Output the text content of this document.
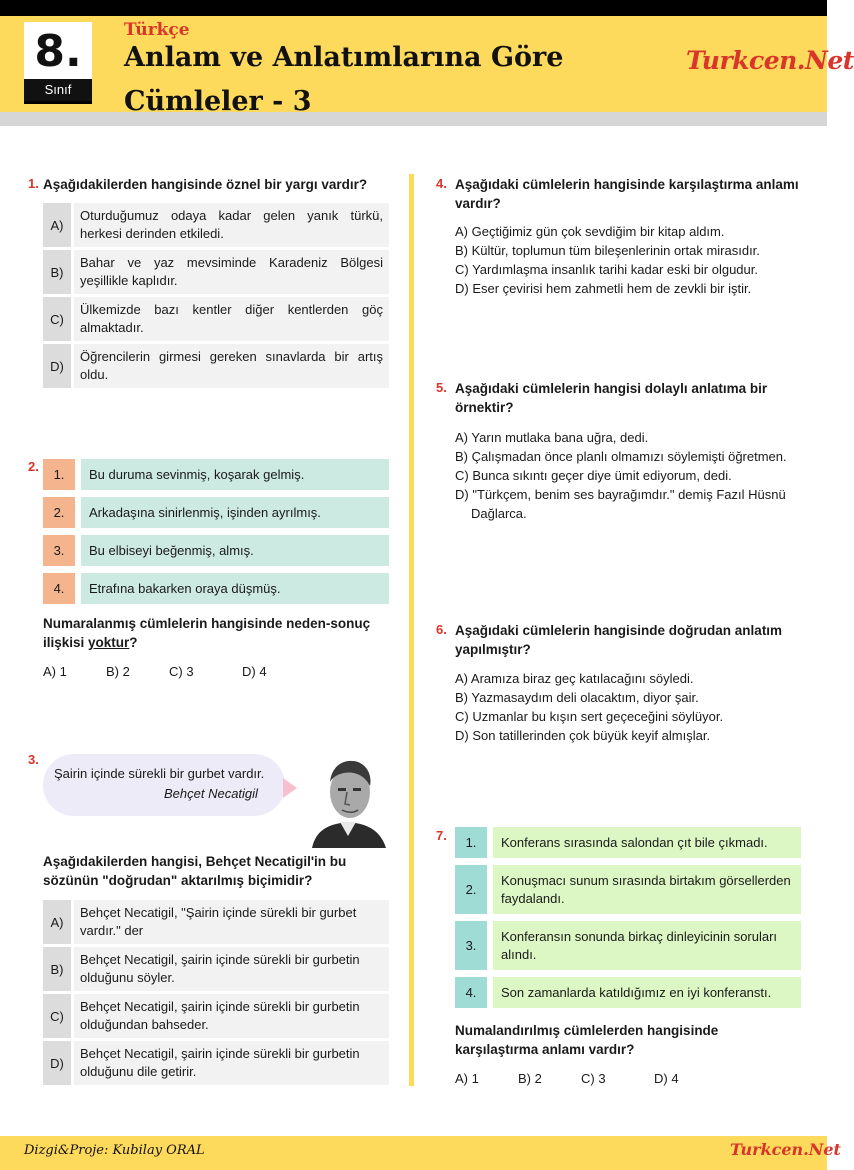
8.
Sınıf
Türkçe
Anlam ve Anlatımlarına Göre
Cümleler - 3
Turkcen.Net
1. Aşağıdakilerden hangisinde öznel bir yargı vardır?
A)
Oturduğumuz odaya kadar gelen yanık türkü, herkesi derinden etkiledi.
B)
Bahar ve yaz mevsiminde Karadeniz Bölgesi yeşillikle kaplıdır.
C)
Ülkemizde bazı kentler diğer kentlerden göç almaktadır.
D)
Öğrencilerin girmesi gereken sınavlarda bir artış oldu.
2.
1.	Bu duruma sevinmiş, koşarak gelmiş.
2.	Arkadaşına sinirlenmiş, işinden ayrılmış.
3.	Bu elbiseyi beğenmiş, almış.
4.	Etrafına bakarken oraya düşmüş.
Numaralanmış cümlelerin hangisinde neden-sonuç ilişkisi yoktur?
A) 1	B) 2	C) 3	D) 4
3.
Şairin içinde sürekli bir gurbet vardır.
Behçet Necatigil
Aşağıdakilerden hangisi, Behçet Necatigil'in bu sözünün "doğrudan" aktarılmış biçimidir?
A)
Behçet Necatigil, "Şairin içinde sürekli bir gurbet vardır." der
B)
Behçet Necatigil, şairin içinde sürekli bir gurbetin olduğunu söyler.
C)
Behçet Necatigil, şairin içinde sürekli bir gurbetin olduğundan bahseder.
D)
Behçet Necatigil, şairin içinde sürekli bir gurbetin olduğunu dile getirir.
4. Aşağıdaki cümlelerin hangisinde karşılaştırma anlamı vardır?
A) Geçtiğimiz gün çok sevdiğim bir kitap aldım.
B) Kültür, toplumun tüm bileşenlerinin ortak mirasıdır.
C) Yardımlaşma insanlık tarihi kadar eski bir olgudur.
D) Eser çevirisi hem zahmetli hem de zevkli bir iştir.
5. Aşağıdaki cümlelerin hangisi dolaylı anlatıma bir örnektir?
A) Yarın mutlaka bana uğra, dedi.
B) Çalışmadan önce planlı olmamızı söylemişti öğretmen.
C) Bunca sıkıntı geçer diye ümit ediyorum, dedi.
D) "Türkçem, benim ses bayrağımdır." demiş Fazıl Hüsnü Dağlarca.
6. Aşağıdaki cümlelerin hangisinde doğrudan anlatım yapılmıştır?
A) Aramıza biraz geç katılacağını söyledi.
B) Yazmasaydım deli olacaktım, diyor şair.
C) Uzmanlar bu kışın sert geçeceğini söylüyor.
D) Son tatillerinden çok büyük keyif almışlar.
7.	1.	Konferans sırasında salondan çıt bile çıkmadı.
2.
Konuşmacı sunum sırasında birtakım görsellerden faydalandı.
3.
Konferansın sonunda birkaç dinleyicinin soruları alındı.
4.	Son zamanlarda katıldığımız en iyi konferanstı.
Numalandırılmış cümlelerden hangisinde karşılaştırma anlamı vardır?
A) 1	B) 2	C) 3	D) 4
Dizgi&Proje: Kubilay ORAL	Turkcen.Net
